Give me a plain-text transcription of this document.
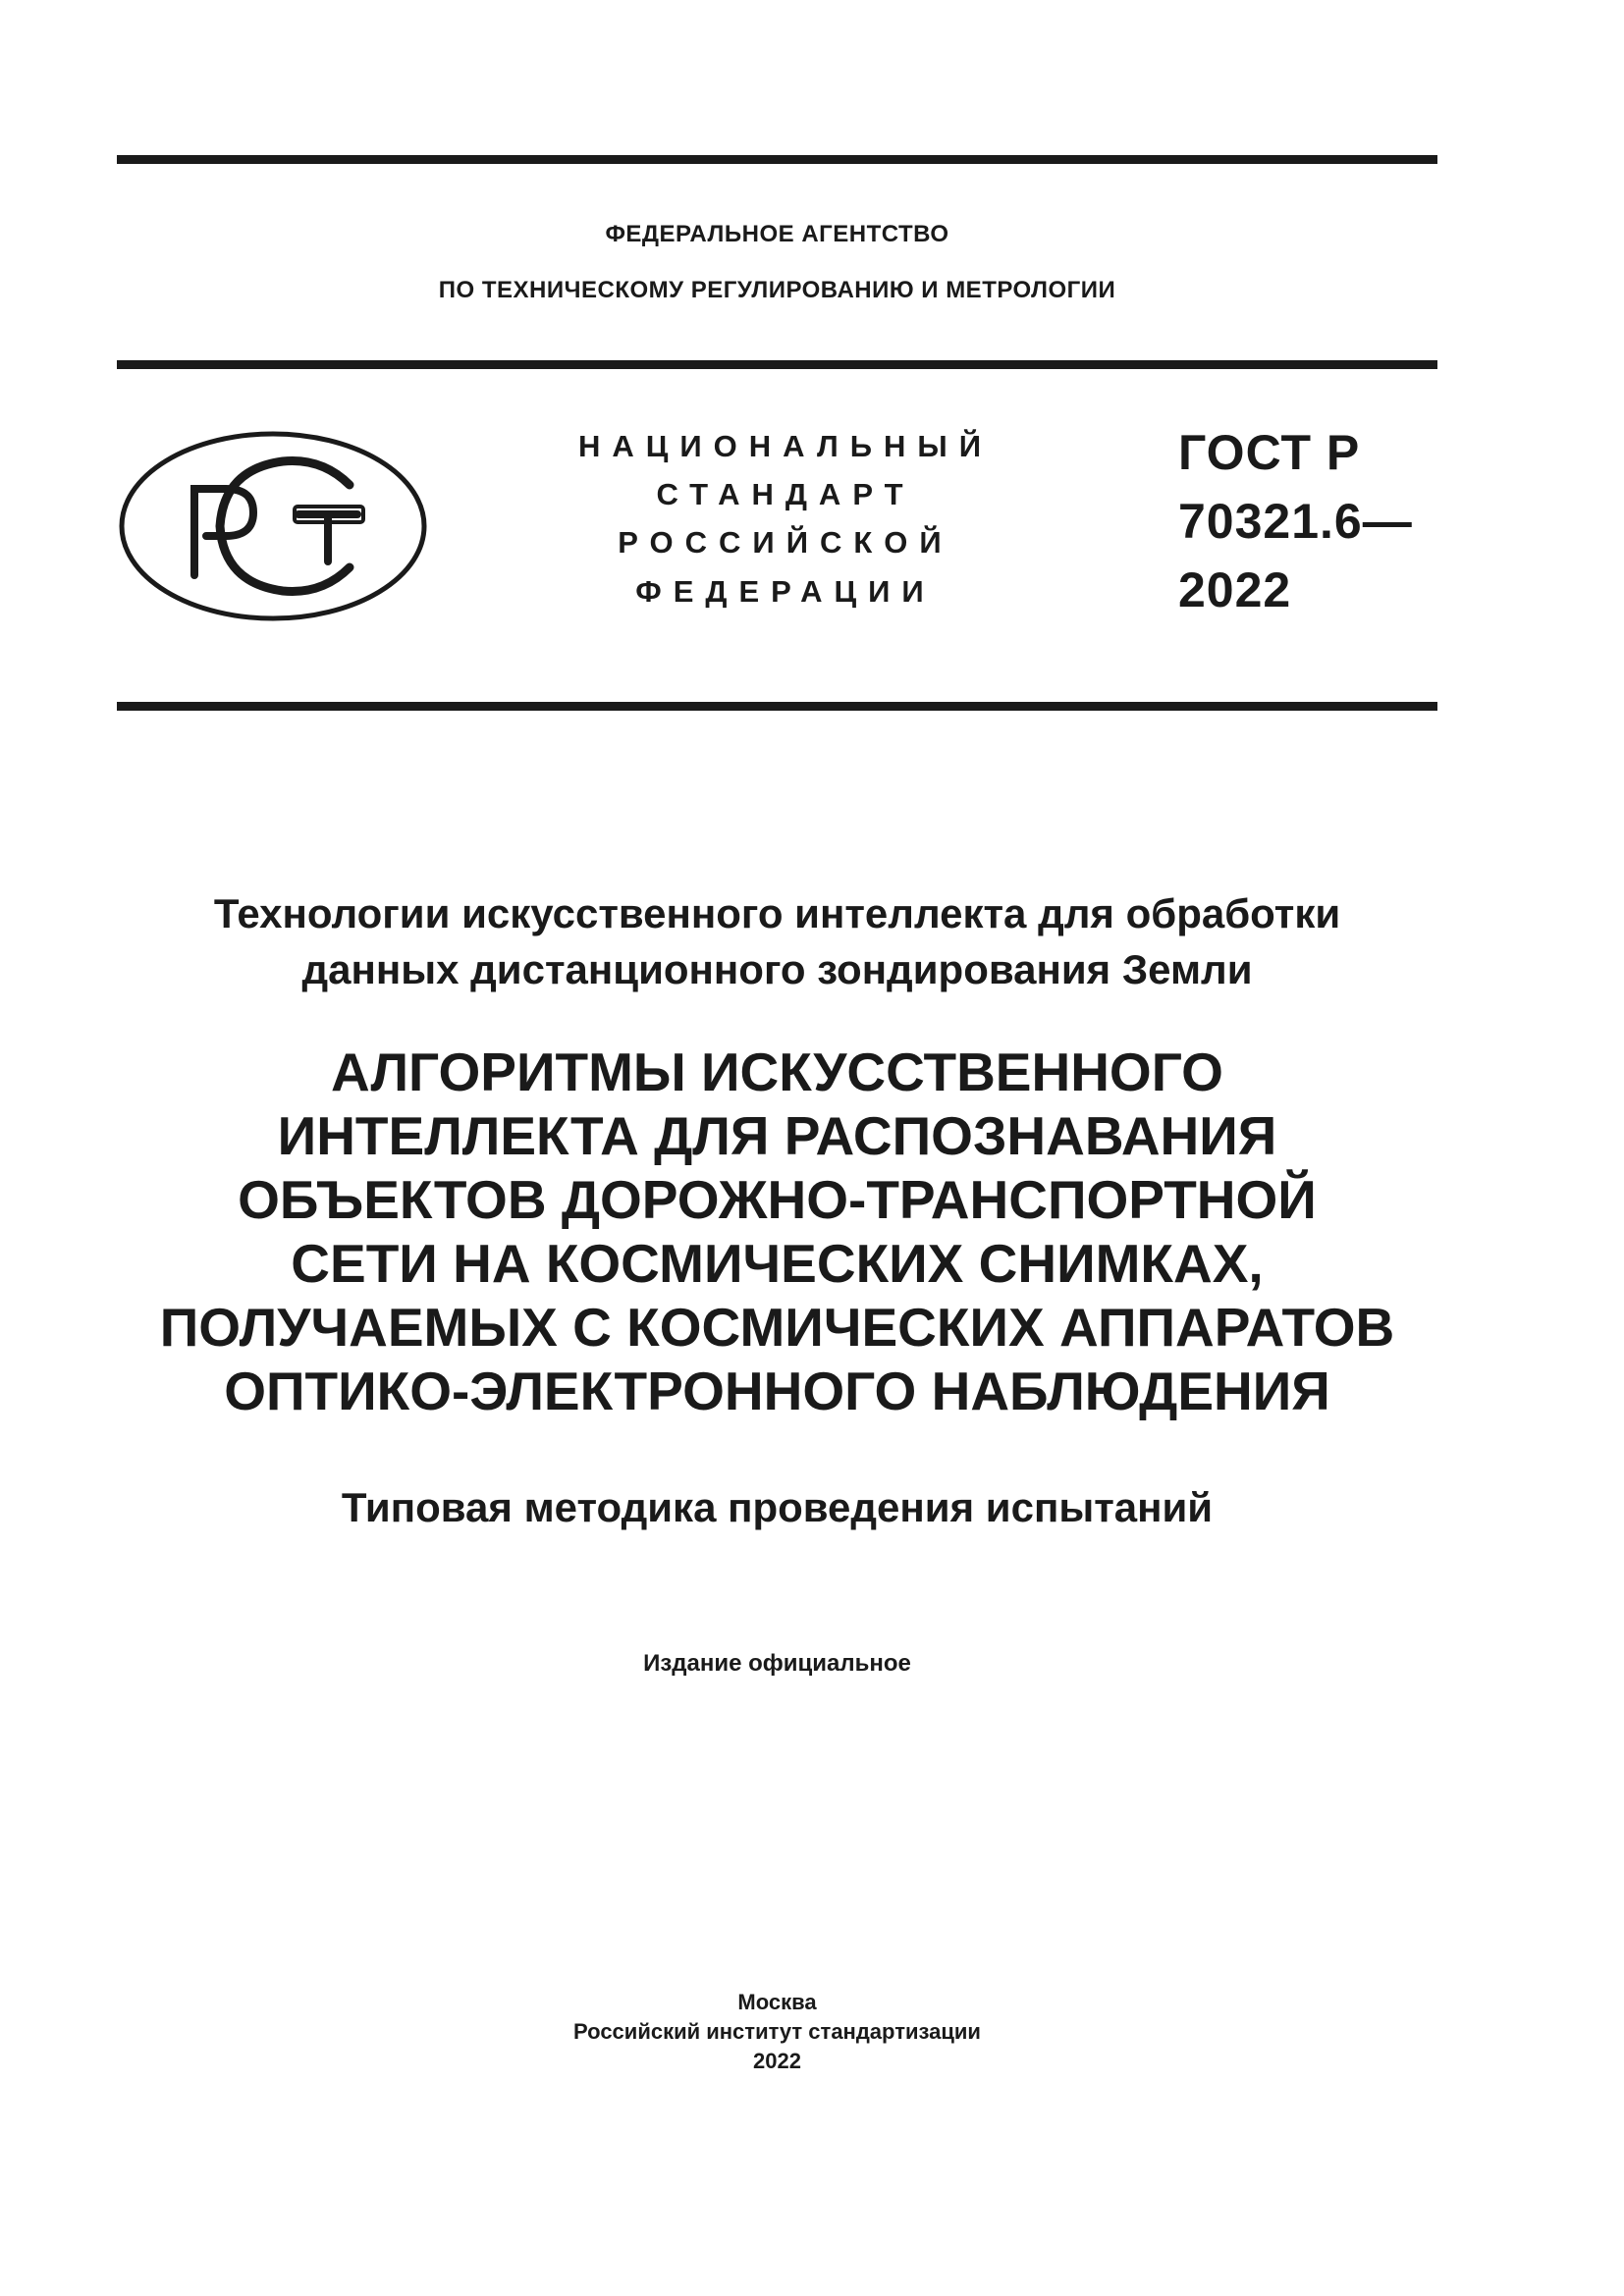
ФЕДЕРАЛЬНОЕ АГЕНТСТВО
ПО ТЕХНИЧЕСКОМУ РЕГУЛИРОВАНИЮ И МЕТРОЛОГИИ
НАЦИОНАЛЬНЫЙ
СТАНДАРТ
РОССИЙСКОЙ
ФЕДЕРАЦИИ
ГОСТ Р
70321.6—
2022
Технологии искусственного интеллекта для обработки
данных дистанционного зондирования Земли
АЛГОРИТМЫ ИСКУССТВЕННОГО
ИНТЕЛЛЕКТА ДЛЯ РАСПОЗНАВАНИЯ
ОБЪЕКТОВ ДОРОЖНО-ТРАНСПОРТНОЙ
СЕТИ НА КОСМИЧЕСКИХ СНИМКАХ,
ПОЛУЧАЕМЫХ С КОСМИЧЕСКИХ АППАРАТОВ
ОПТИКО-ЭЛЕКТРОННОГО НАБЛЮДЕНИЯ
Типовая методика проведения испытаний
Издание официальное
Москва
Российский институт стандартизации
2022
